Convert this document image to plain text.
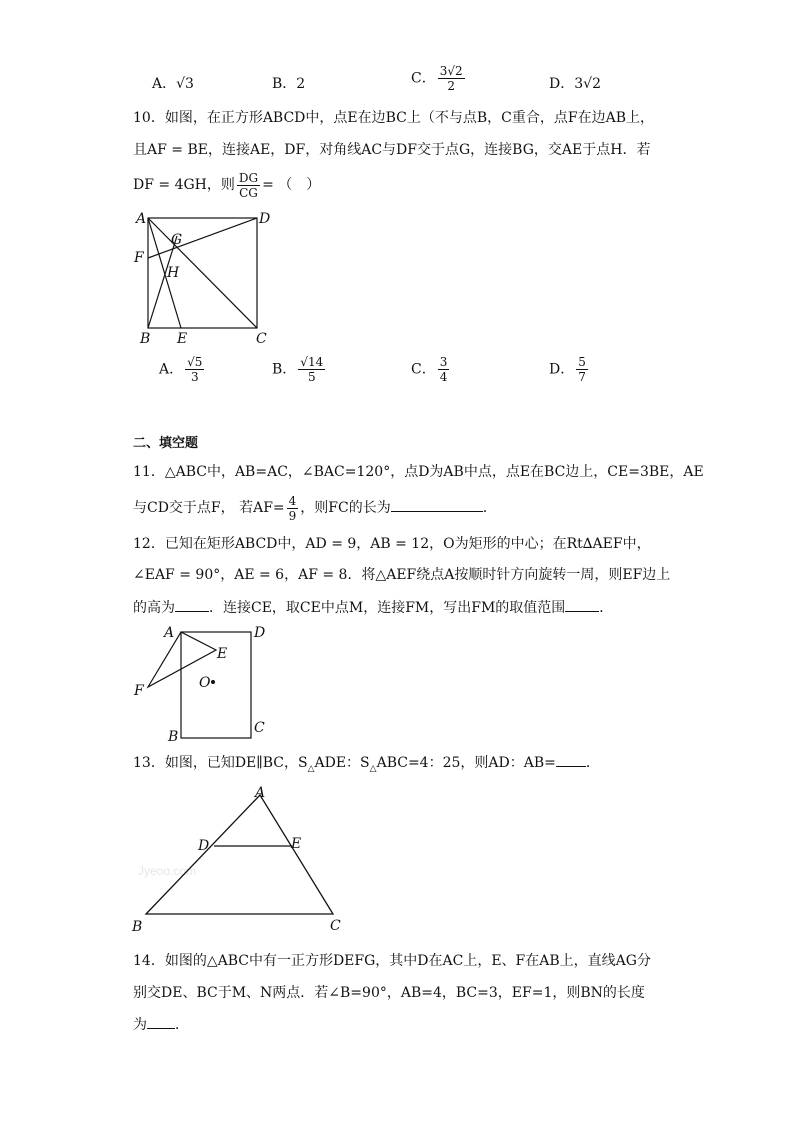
A．√3	B．2	C． $\frac{3√2}{2}$	D．3√2
10．如图，在正方形ABCD中，点E在边BC上（不与点B，C重合，点F在边AB上，
且AF = BE，连接AE，DF，对角线AC与DF交于点G，连接BG，交AE于点H．若
DF = 4GH，则 $\frac{DG}{CG}$ = （　）
A	D
G
F
H
B E	C
A． $\frac{√5}{3}$	B． $\frac{√14}{5}$	C． $\frac{3}{4}$	D． $\frac{5}{7}$
二、填空题
11．△ABC中，AB=AC，∠BAC=120°，点D为AB中点，点E在BC边上，CE=3BE，AE
与CD交于点F， 若$AF= \frac{4}{9}$ ，则FC的长为	.
12．已知在矩形ABCD中，AD = 9，AB = 12，O为矩形的中心；在Rt∆AEF中，
∠EAF = 90°，AE = 6，AF = 8．将△AEF绕点A按顺时针方向旋转一周，则EF边上
的高为 ．连接CE，取CE中点M，连接FM，写出FM的取值范围 ．
A	D
E
O
F
B
C
13．如图，已知DE∥BC，$S_\triangle ADE$：$S_\triangle ABC=4$：25，则AD：AB= ．
Jyeoo.com
A
D	E
B	C
14．如图的△ABC中有一正方形DEFG，其中D在AC上，E、F在AB上，直线AG分
别交DE、BC于M、N两点．若∠B=90°，AB=4，BC=3，EF=1，则BN的长度
为 ．
